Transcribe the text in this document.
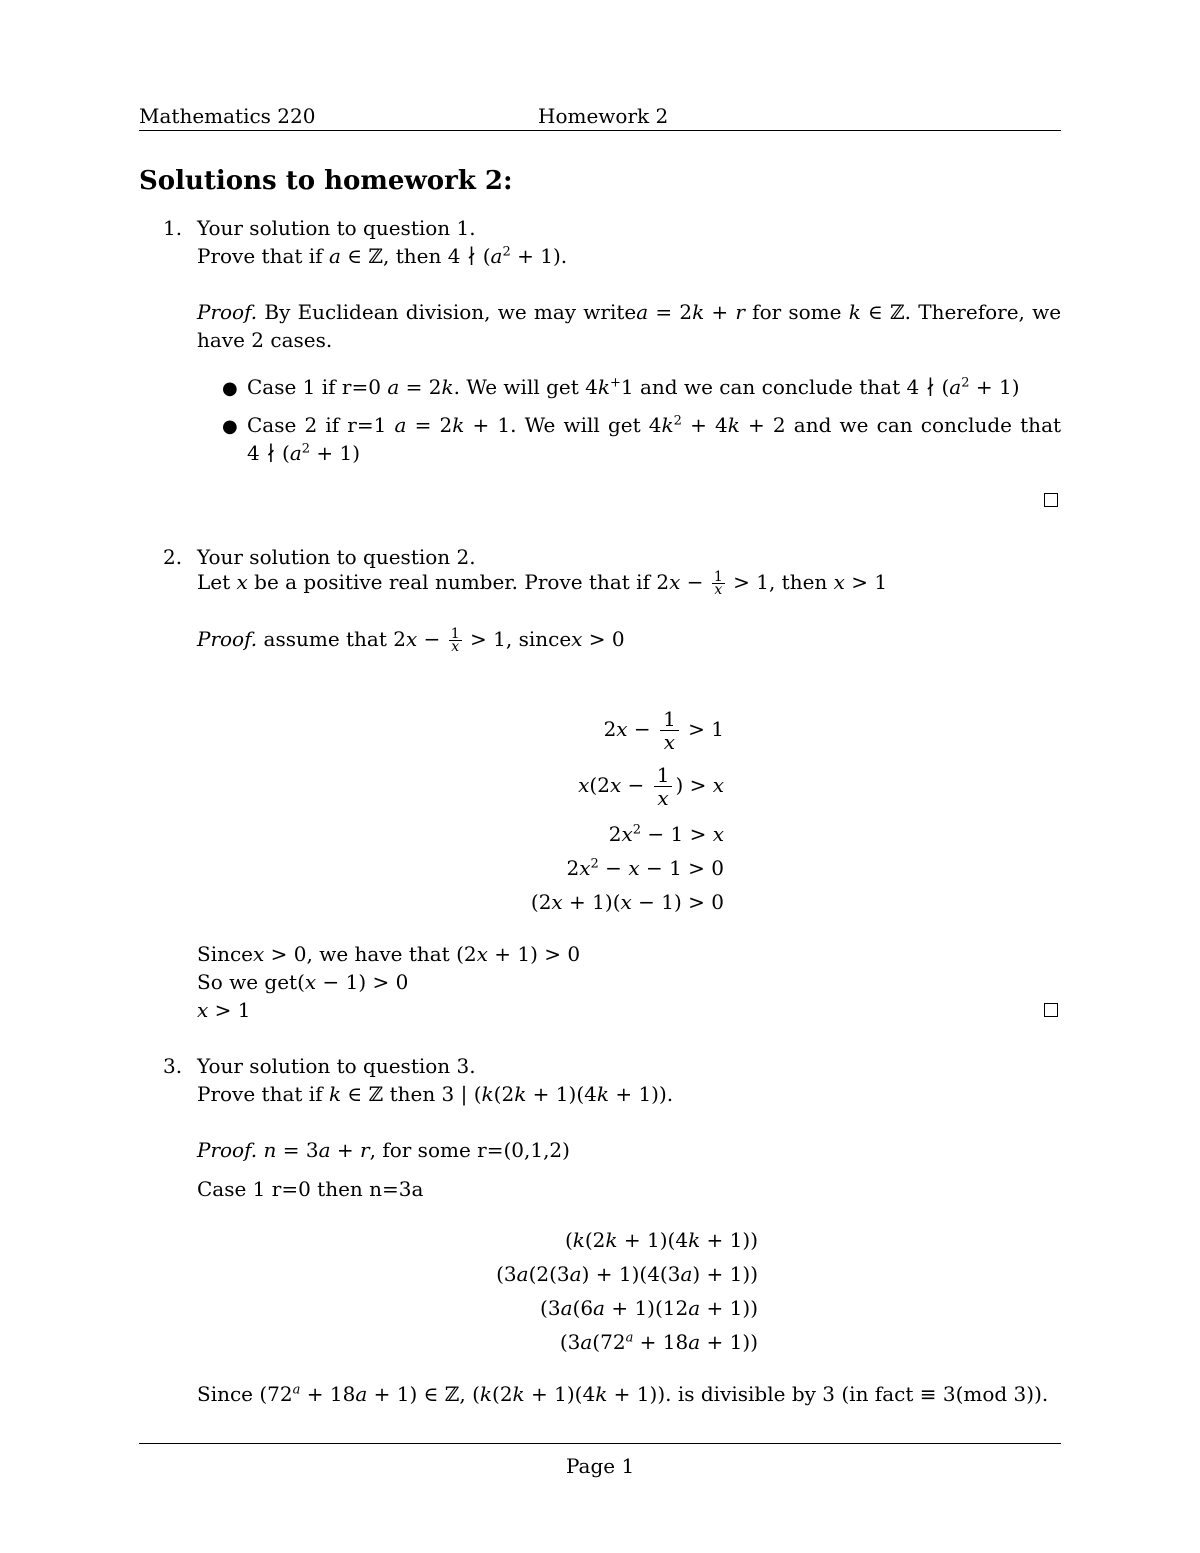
Mathematics 220	Homework 2
Solutions to homework 2:
1. Your solution to question 1.
Prove that if a ∈ ℤ, then 4 ∤ $(a^2 + 1)$.
Proof. By Euclidean division, we may writea = 2k + r for some k ∈ ℤ. Therefore, we
have 2 cases.
● Case 1 if r=0 a = 2k. We will get 4k+1 and we can conclude that 4 ∤ $(a^2 + 1)$
● Case 2 if r=1 a = 2k + 1. We will get $4k^2 + 4k + 2$ and we can conclude that
4 ∤ $(a^2 + 1)$
2. Your solution to question 2.
Let x be a positive real number. Prove that if $2x - \frac{1}{x} > 1$, then x > 1
Proof. assume that $2x - \frac{1}{x} > 1$, sincex > 0
$2x - \frac{1}{x} > 1$
$x(2x - \frac{1}{x}$ ) > x
$2x^2 - 1 > x$
$2x^2 - x - 1 > 0$
(2x + 1)(x − 1) > 0
Sincex > 0, we have that (2x + 1) > 0
So we get(x − 1) > 0
x > 1
3. Your solution to question 3.
Prove that if k ∈ ℤ then 3 | (k(2k + 1)(4k + 1)).
Proof. n = 3a + r, for some r=(0,1,2)
Case 1 r=0 then n=3a
(k(2k + 1)(4k + 1))
(3a(2(3a) + 1)(4(3a) + 1))
(3a(6a + 1)(12a + 1))
$(3a(72^a + 18a + 1))$
Since $(72^a + 18a + 1)$ ∈ ℤ, (k(2k + 1)(4k + 1)). is divisible by 3 (in fact ≡ 3(mod 3)).
Page 1
